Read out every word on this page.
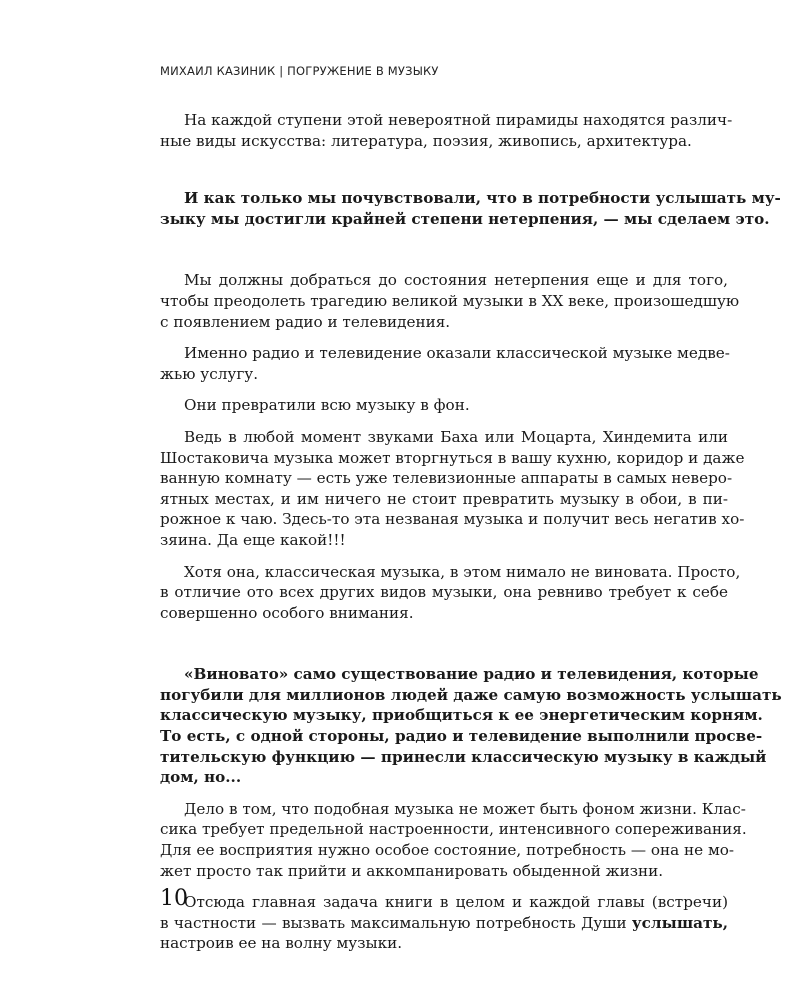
МИХАИЛ КАЗИНИК | ПОГРУЖЕНИЕ В МУЗЫКУ
На каждой ступени этой невероятной пирамиды находятся различ-
ные виды искусства: литература, поэзия, живопись, архитектура.
И как только мы почувствовали, что в потребности услышать му-
зыку мы достигли крайней степени нетерпения, — мы сделаем это.
Мы должны добраться до состояния нетерпения еще и для того,
чтобы преодолеть трагедию великой музыки в XX веке, произошедшую
с появлением радио и телевидения.
Именно радио и телевидение оказали классической музыке медве-
жью услугу.
Они превратили всю музыку в фон.
Ведь в любой момент звуками Баха или Моцарта, Хиндемита или
Шостаковича музыка может вторгнуться в вашу кухню, коридор и даже
ванную комнату — есть уже телевизионные аппараты в самых неверо-
ятных местах, и им ничего не стоит превратить музыку в обои, в пи-
рожное к чаю. Здесь-то эта незваная музыка и получит весь негатив хо-
зяина. Да еще какой!!!
Хотя она, классическая музыка, в этом нимало не виновата. Просто,
в отличие ото всех других видов музыки, она ревниво требует к себе
совершенно особого внимания.
«Виновато» само существование радио и телевидения, которые
погубили для миллионов людей даже самую возможность услышать
классическую музыку, приобщиться к ее энергетическим корням.
То есть, с одной стороны, радио и телевидение выполнили просве-
тительскую функцию — принесли классическую музыку в каждый
дом, но...
Дело в том, что подобная музыка не может быть фоном жизни. Клас-
сика требует предельной настроенности, интенсивного сопереживания.
Для ее восприятия нужно особое состояние, потребность — она не мо-
жет просто так прийти и аккомпанировать обыденной жизни.
Отсюда главная задача книги в целом и каждой главы (встречи)
в частности — вызвать максимальную потребность Души услышать,
настроив ее на волну музыки.
10
